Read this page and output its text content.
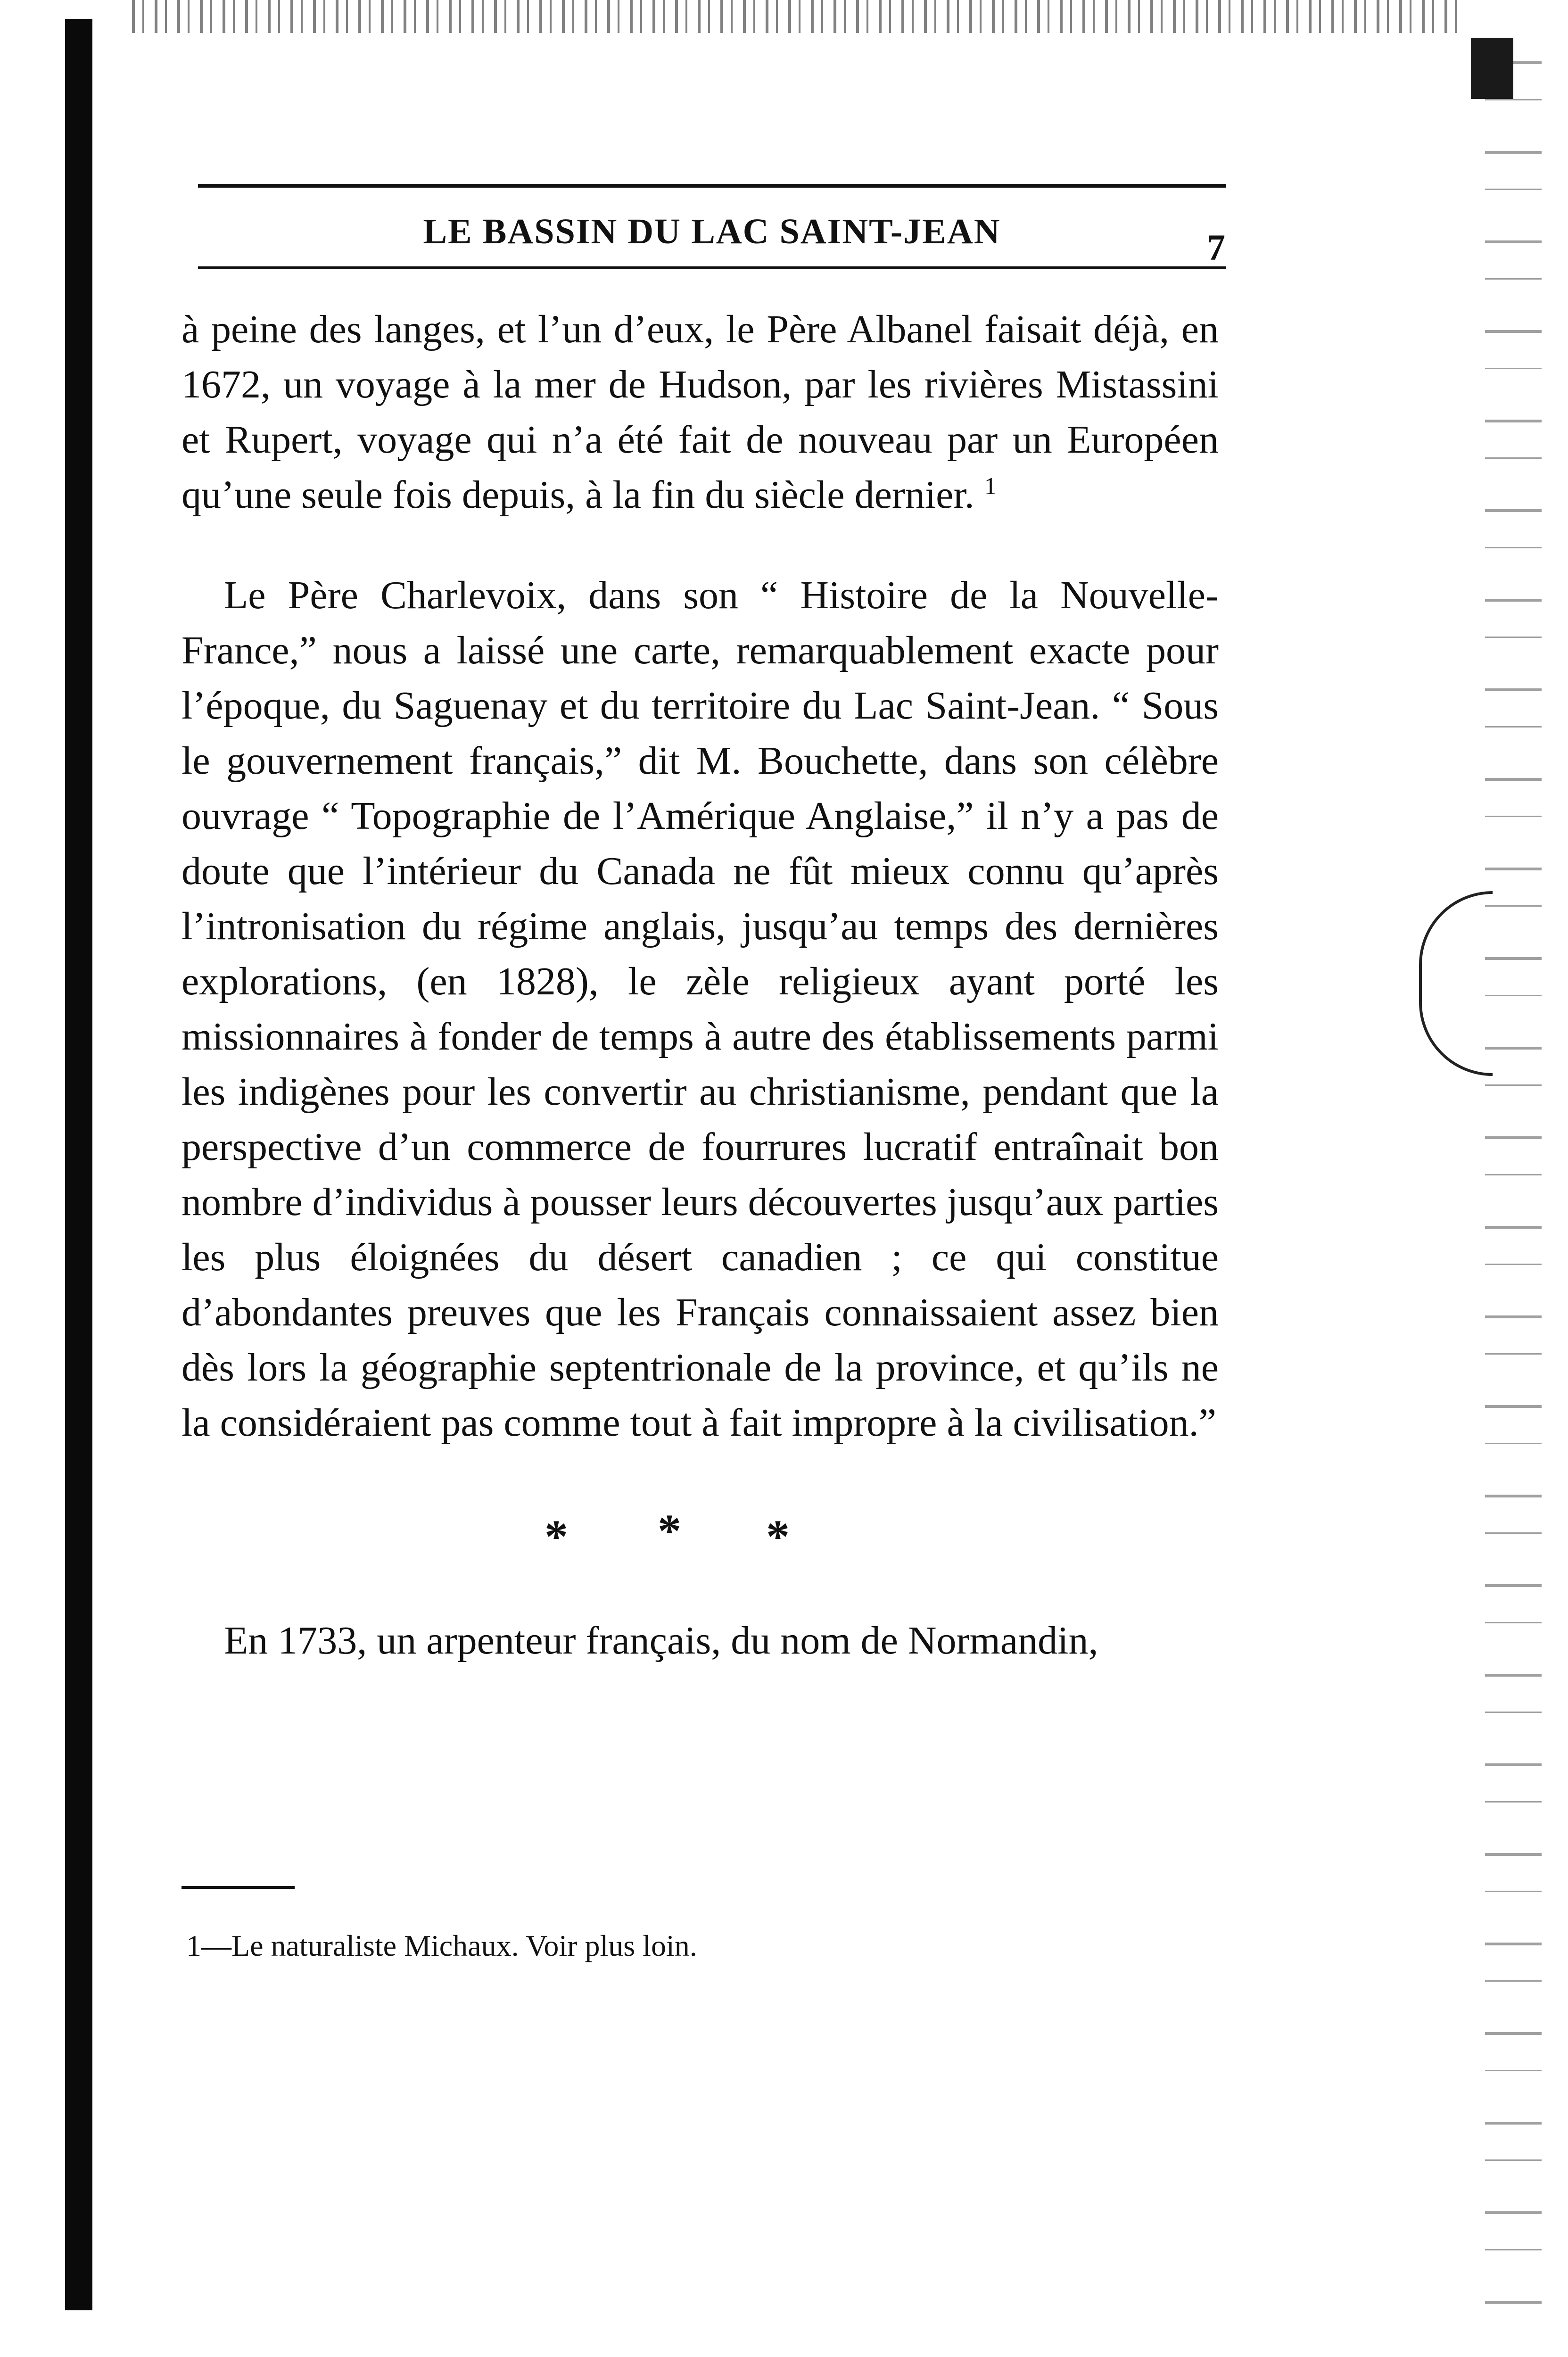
LE BASSIN DU LAC SAINT-JEAN	7

à peine des langes, et l’un d’eux, le Père Albanel faisait déjà, en 1672, un voyage à la mer de Hudson, par les rivières Mistassini et Rupert, voyage qui n’a été fait de nouveau par un Européen qu’une seule fois depuis, à la fin du siècle dernier. $^1$

Le Père Charlevoix, dans son “ Histoire de la Nouvelle-France,” nous a laissé une carte, remarquablement exacte pour l’époque, du Saguenay et du territoire du Lac Saint-Jean. “ Sous le gouvernement français,” dit M. Bouchette, dans son célèbre ouvrage “ Topographie de l’Amérique Anglaise,” il n’y a pas de doute que l’intérieur du Canada ne fût mieux connu qu’après l’intronisation du régime anglais, jusqu’au temps des dernières explorations, (en 1828), le zèle religieux ayant porté les missionnaires à fonder de temps à autre des établissements parmi les indigènes pour les convertir au christianisme, pendant que la perspective d’un commerce de fourrures lucratif entraînait bon nombre d’individus à pousser leurs découvertes jusqu’aux parties les plus éloignées du désert canadien ; ce qui constitue d’abondantes preuves que les Français connaissaient assez bien dès lors la géographie septentrionale de la province, et qu’ils ne la considéraient pas comme tout à fait impropre à la civilisation.”

* * *

En 1733, un arpenteur français, du nom de Normandin,

1—Le naturaliste Michaux. Voir plus loin.
